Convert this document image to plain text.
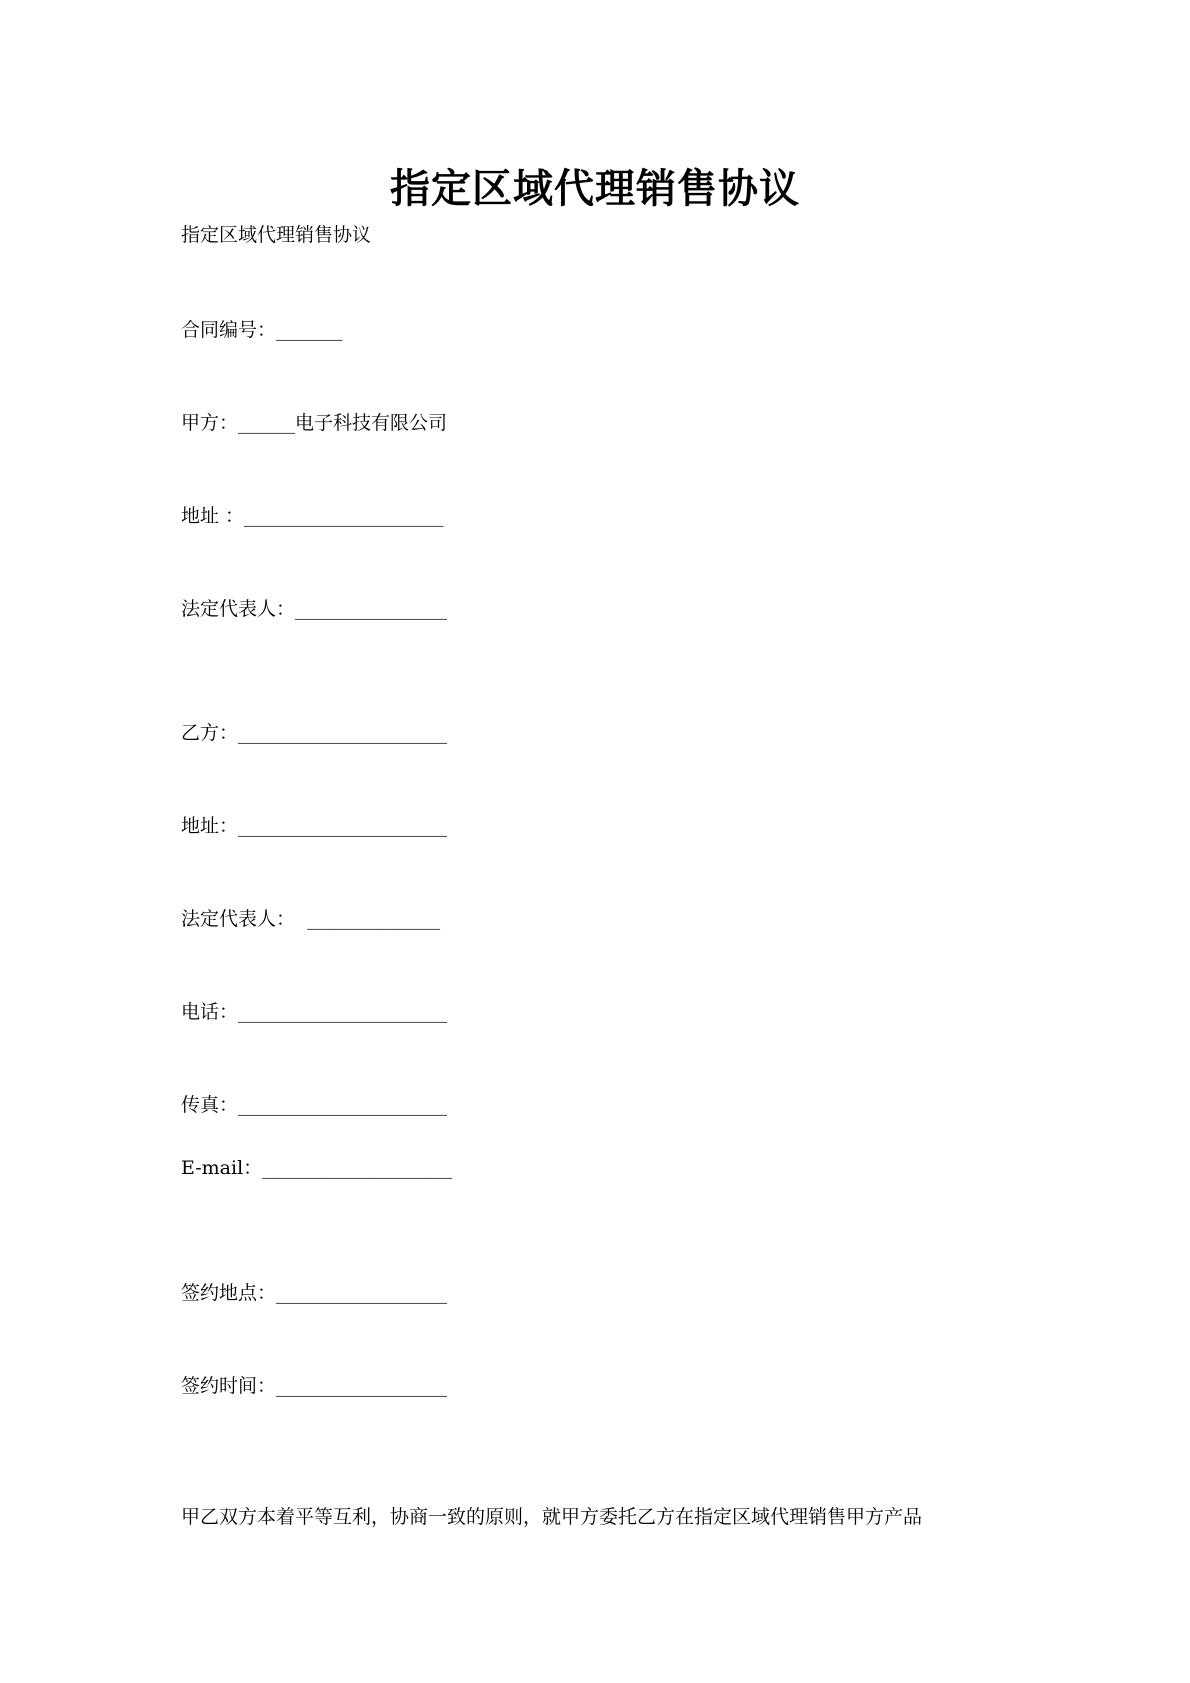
指定区域代理销售协议
指定区域代理销售协议
合同编号：_______
甲方：______电子科技有限公司
地址 ：_____________________
法定代表人：________________
乙方：______________________
地址：______________________
法定代表人：  ______________
电话：______________________
传真：______________________
E-mail：____________________
签约地点：__________________
签约时间：__________________
甲乙双方本着平等互利，协商一致的原则，就甲方委托乙方在指定区域代理销售甲方产品
